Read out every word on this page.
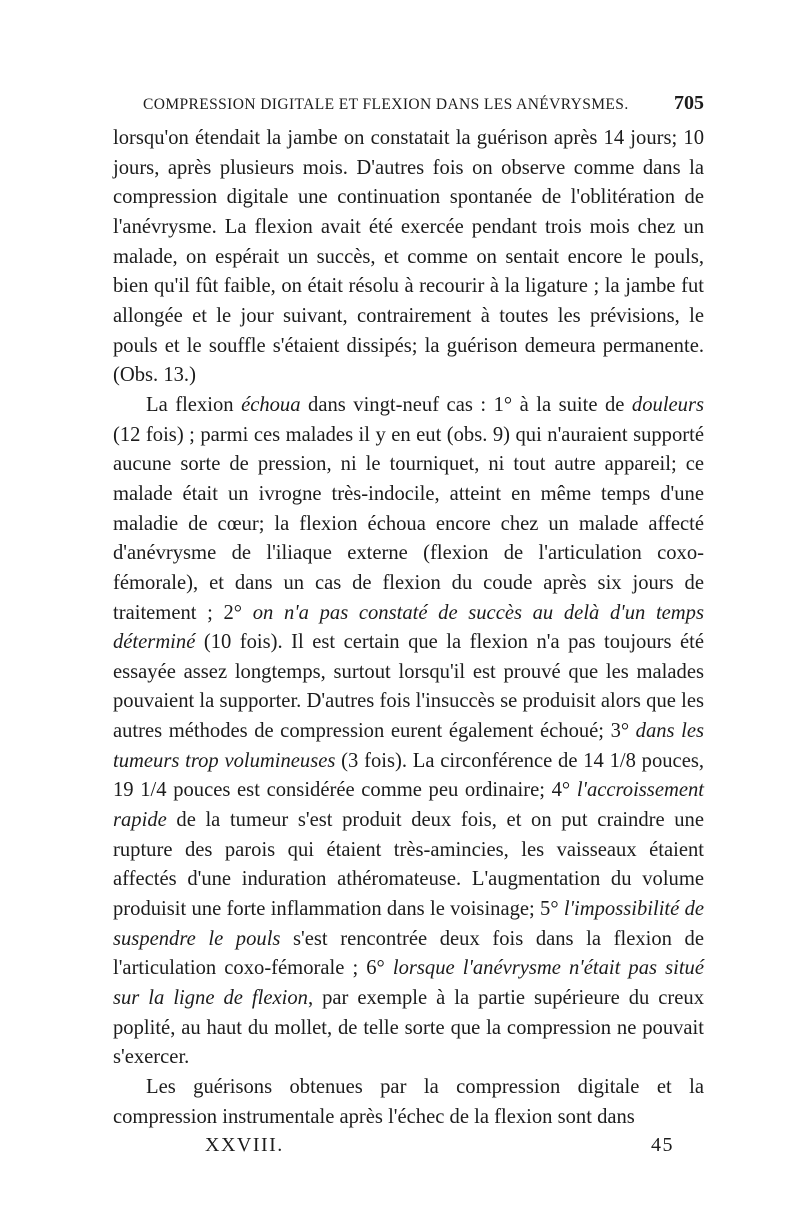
COMPRESSION DIGITALE ET FLEXION DANS LES ANÉVRYSMES. 705

lorsqu'on étendait la jambe on constatait la guérison après 14 jours; 10 jours, après plusieurs mois. D'autres fois on observe comme dans la compression digitale une continuation spontanée de l'oblitération de l'anévrysme. La flexion avait été exercée pendant trois mois chez un malade, on espérait un succès, et comme on sentait encore le pouls, bien qu'il fût faible, on était résolu à recourir à la ligature ; la jambe fut allongée et le jour suivant, contrairement à toutes les prévisions, le pouls et le souffle s'étaient dissipés; la guérison demeura permanente. (Obs. 13.)

La flexion échoua dans vingt-neuf cas : 1° à la suite de douleurs (12 fois) ; parmi ces malades il y en eut (obs. 9) qui n'auraient supporté aucune sorte de pression, ni le tourniquet, ni tout autre appareil; ce malade était un ivrogne très-indocile, atteint en même temps d'une maladie de cœur; la flexion échoua encore chez un malade affecté d'anévrysme de l'iliaque externe (flexion de l'articulation coxo-fémorale), et dans un cas de flexion du coude après six jours de traitement ; 2° on n'a pas constaté de succès au delà d'un temps déterminé (10 fois). Il est certain que la flexion n'a pas toujours été essayée assez longtemps, surtout lorsqu'il est prouvé que les malades pouvaient la supporter. D'autres fois l'insuccès se produisit alors que les autres méthodes de compression eurent également échoué; 3° dans les tumeurs trop volumineuses (3 fois). La circonférence de 14 1/8 pouces, 19 1/4 pouces est considérée comme peu ordinaire; 4° l'accroissement rapide de la tumeur s'est produit deux fois, et on put craindre une rupture des parois qui étaient très-amincies, les vaisseaux étaient affectés d'une induration athéromateuse. L'augmentation du volume produisit une forte inflammation dans le voisinage; 5° l'impossibilité de suspendre le pouls s'est rencontrée deux fois dans la flexion de l'articulation coxo-fémorale ; 6° lorsque l'anévrysme n'était pas situé sur la ligne de flexion, par exemple à la partie supérieure du creux poplité, au haut du mollet, de telle sorte que la compression ne pouvait s'exercer.

Les guérisons obtenues par la compression digitale et la compression instrumentale après l'échec de la flexion sont dans

XXVIII.	45
